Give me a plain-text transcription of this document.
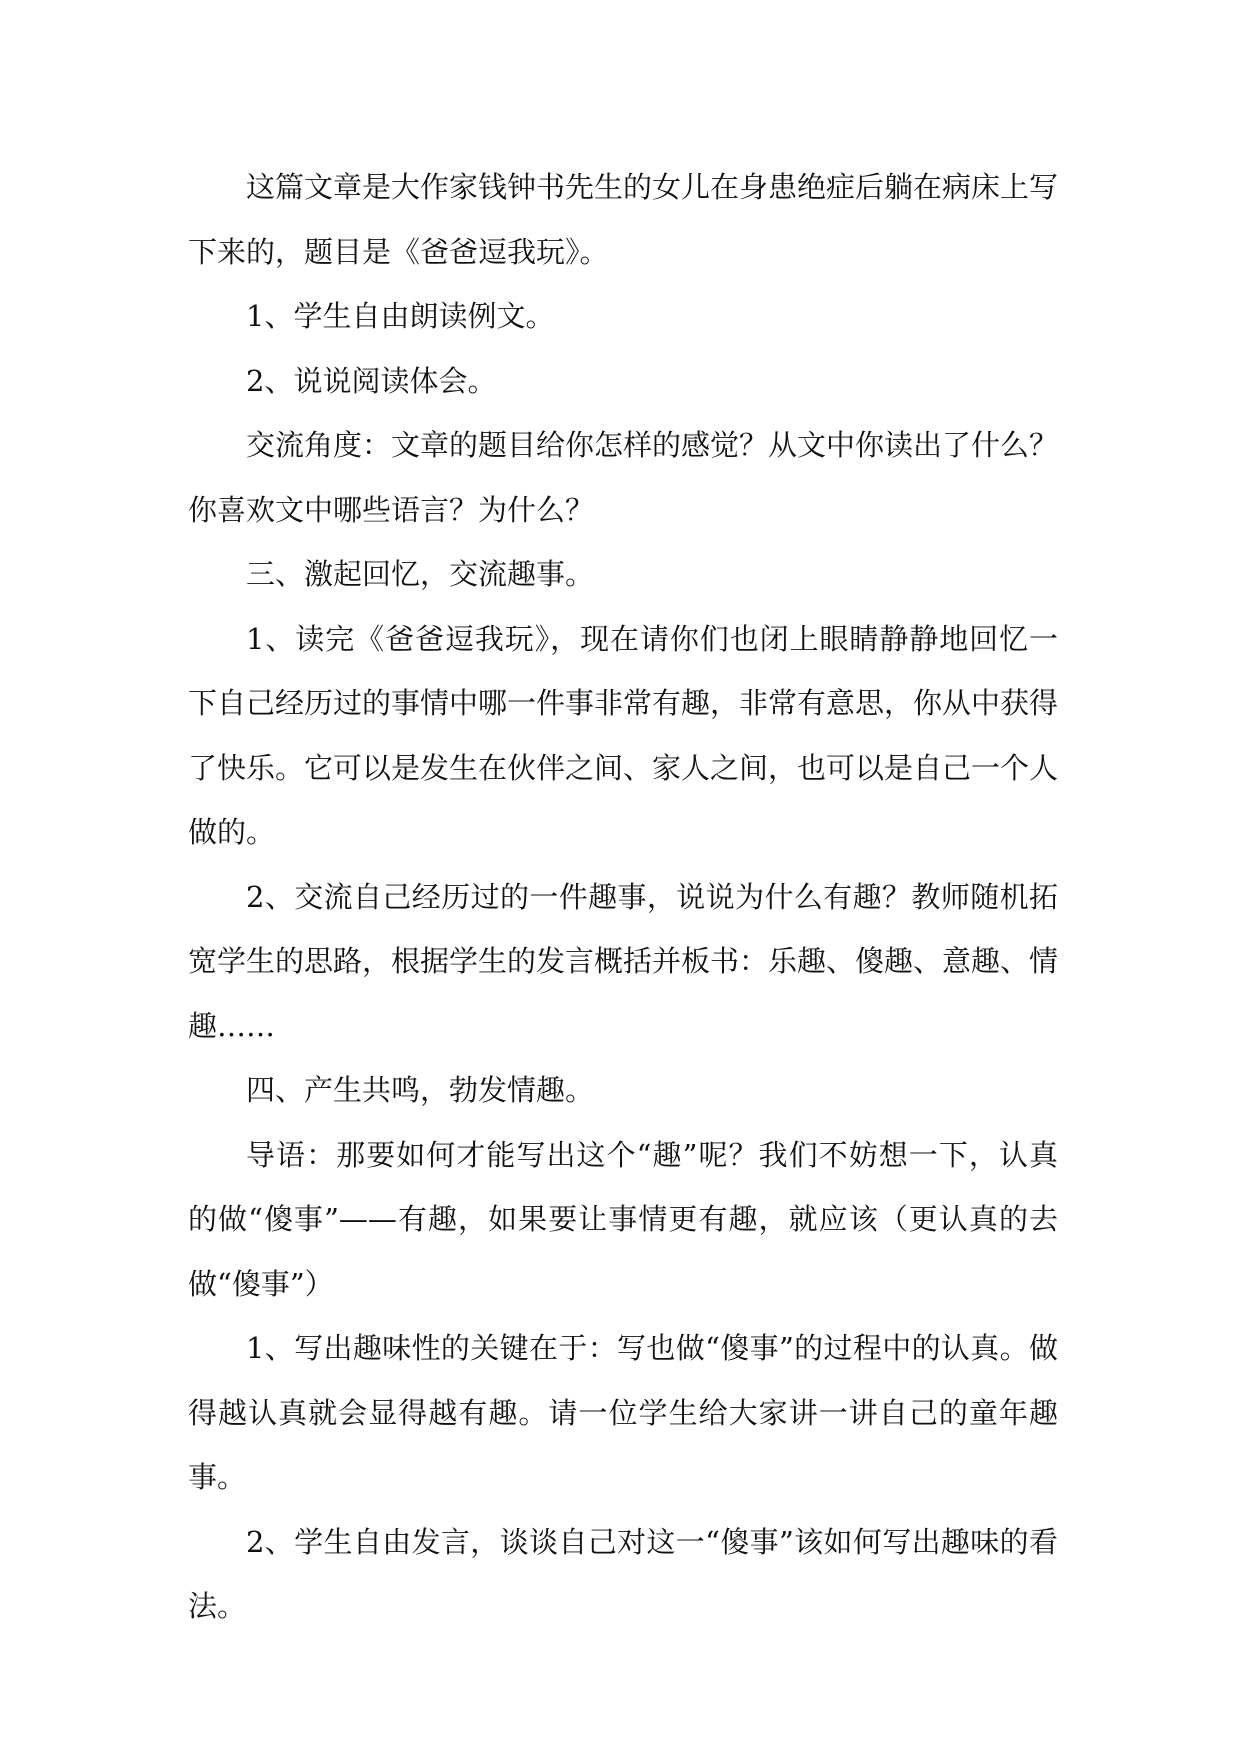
这篇文章是大作家钱钟书先生的女儿在身患绝症后躺在病床上写下来的，题目是《爸爸逗我玩》。

1、学生自由朗读例文。

2、说说阅读体会。

交流角度：文章的题目给你怎样的感觉？从文中你读出了什么？你喜欢文中哪些语言？为什么？

三、激起回忆，交流趣事。

1、读完《爸爸逗我玩》，现在请你们也闭上眼睛静静地回忆一下自己经历过的事情中哪一件事非常有趣，非常有意思，你从中获得了快乐。它可以是发生在伙伴之间、家人之间，也可以是自己一个人做的。

2、交流自己经历过的一件趣事，说说为什么有趣？教师随机拓宽学生的思路，根据学生的发言概括并板书：乐趣、傻趣、意趣、情趣……

四、产生共鸣，勃发情趣。

导语：那要如何才能写出这个“趣”呢？我们不妨想一下，认真的做“傻事”——有趣，如果要让事情更有趣，就应该（更认真的去做“傻事”）

1、写出趣味性的关键在于：写也做“傻事”的过程中的认真。做得越认真就会显得越有趣。请一位学生给大家讲一讲自己的童年趣事。

2、学生自由发言，谈谈自己对这一“傻事”该如何写出趣味的看法。
